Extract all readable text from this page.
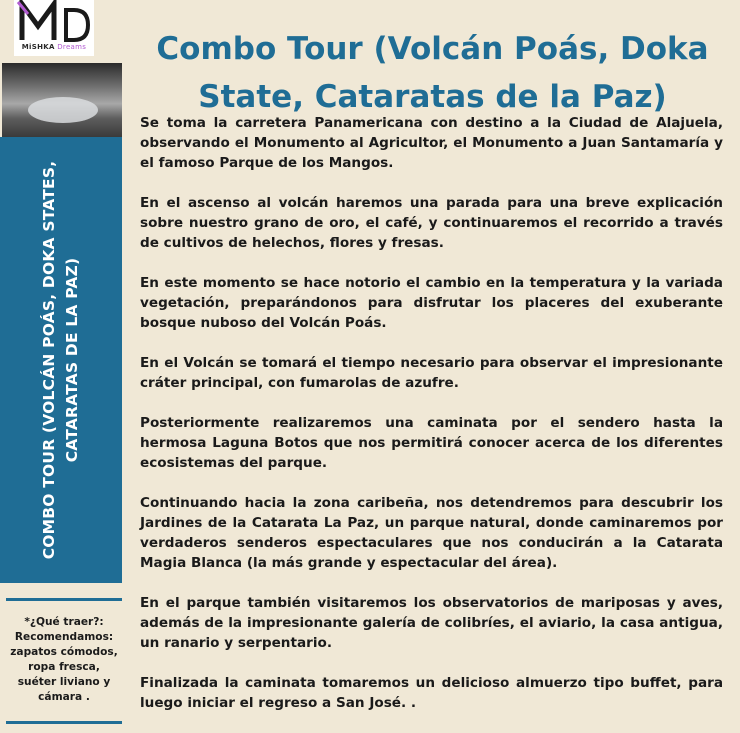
MiSHKA Dreams
COMBO TOUR (VOLCÁN POÁS, DOKA STATES, CATARATAS DE LA PAZ)
*¿Qué traer?:
Recomendamos:
zapatos cómodos,
ropa fresca,
suéter liviano y
cámara .
Combo Tour (Volcán Poás, Doka State, Cataratas de la Paz)

Se toma la carretera Panamericana con destino a la Ciudad de Alajuela, observando el Monumento al Agricultor, el Monumento a Juan Santamaría y el famoso Parque de los Mangos.

En el ascenso al volcán haremos una parada para una breve explicación sobre nuestro grano de oro, el café, y continuaremos el recorrido a través de cultivos de helechos, flores y fresas.

En este momento se hace notorio el cambio en la temperatura y la variada vegetación, preparándonos para disfrutar los placeres del exuberante bosque nuboso del Volcán Poás.

En el Volcán se tomará el tiempo necesario para observar el impresionante cráter principal, con fumarolas de azufre.

Posteriormente realizaremos una caminata por el sendero hasta la hermosa Laguna Botos que nos permitirá conocer acerca de los diferentes ecosistemas del parque.

Continuando hacia la zona caribeña, nos detendremos para descubrir los Jardines de la Catarata La Paz, un parque natural, donde caminaremos por verdaderos senderos espectaculares que nos conducirán a la Catarata Magia Blanca (la más grande y espectacular del área).

En el parque también visitaremos los observatorios de mariposas y aves, además de la impresionante galería de colibríes, el aviario, la casa antigua, un ranario y serpentario.

Finalizada la caminata tomaremos un delicioso almuerzo tipo buffet, para luego iniciar el regreso a San José. .
